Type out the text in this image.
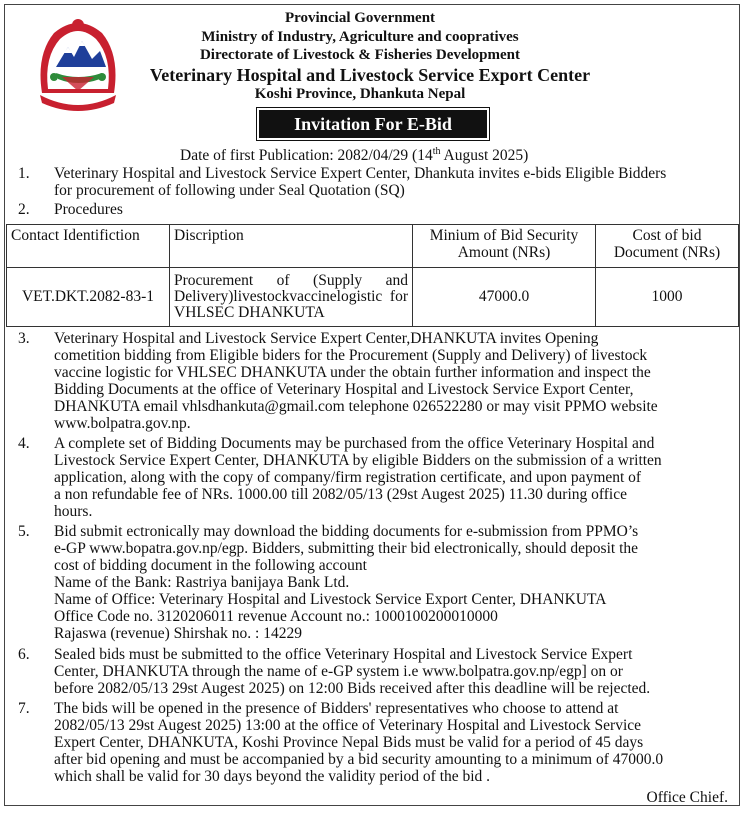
Provincial Government
Ministry of Industry, Agriculture and coopratives
Directorate of Livestock & Fisheries Development
Veterinary Hospital and Livestock Service Export Center
Koshi Province, Dhankuta Nepal
Invitation For E-Bid
Date of first Publication: 2082/04/29 (14th August 2025)
1. Veterinary Hospital and Livestock Service Expert Center, Dhankuta invites e-bids Eligible Bidders
for procurement of following under Seal Quotation (SQ)
2. Procedures
Contact Identifiction	Discription	Minium of Bid Security Amount (NRs)	Cost of bid Document (NRs)
VET.DKT.2082-83-1	Procurement of (Supply and Delivery)livestockvaccinelogistic for VHLSEC DHANKUTA	47000.0	1000
3. Veterinary Hospital and Livestock Service Expert Center,DHANKUTA invites Opening
cometition bidding from Eligible biders for the Procurement (Supply and Delivery) of livestock
vaccine logistic for VHLSEC DHANKUTA under the obtain further information and inspect the
Bidding Documents at the office of Veterinary Hospital and Livestock Service Export Center,
DHANKUTA email vhlsdhankuta@gmail.com telephone 026522280 or may visit PPMO website
www.bolpatra.gov.np.
4. A complete set of Bidding Documents may be purchased from the office Veterinary Hospital and
Livestock Service Expert Center, DHANKUTA by eligible Bidders on the submission of a written
application, along with the copy of company/firm registration certificate, and upon payment of
a non refundable fee of NRs. 1000.00 till 2082/05/13 (29st Augest 2025) 11.30 during office
hours.
5. Bid submit ectronically may download the bidding documents for e-submission from PPMO’s
e-GP www.bopatra.gov.np/egp. Bidders, submitting their bid electronically, should deposit the
cost of bidding document in the following account
Name of the Bank: Rastriya banijaya Bank Ltd.
Name of Office: Veterinary Hospital and Livestock Service Export Center, DHANKUTA
Office Code no. 3120206011 revenue Account no.: 1000100200010000
Rajaswa (revenue) Shirshak no. : 14229
6. Sealed bids must be submitted to the office Veterinary Hospital and Livestock Service Expert
Center, DHANKUTA through the name of e-GP system i.e www.bolpatra.gov.np/egp] on or
before 2082/05/13 29st Augest 2025) on 12:00 Bids received after this deadline will be rejected.
7. The bids will be opened in the presence of Bidders' representatives who choose to attend at
2082/05/13 29st Augest 2025) 13:00 at the office of Veterinary Hospital and Livestock Service
Expert Center, DHANKUTA, Koshi Province Nepal Bids must be valid for a period of 45 days
after bid opening and must be accompanied by a bid security amounting to a minimum of 47000.0
which shall be valid for 30 days beyond the validity period of the bid .
Office Chief.
